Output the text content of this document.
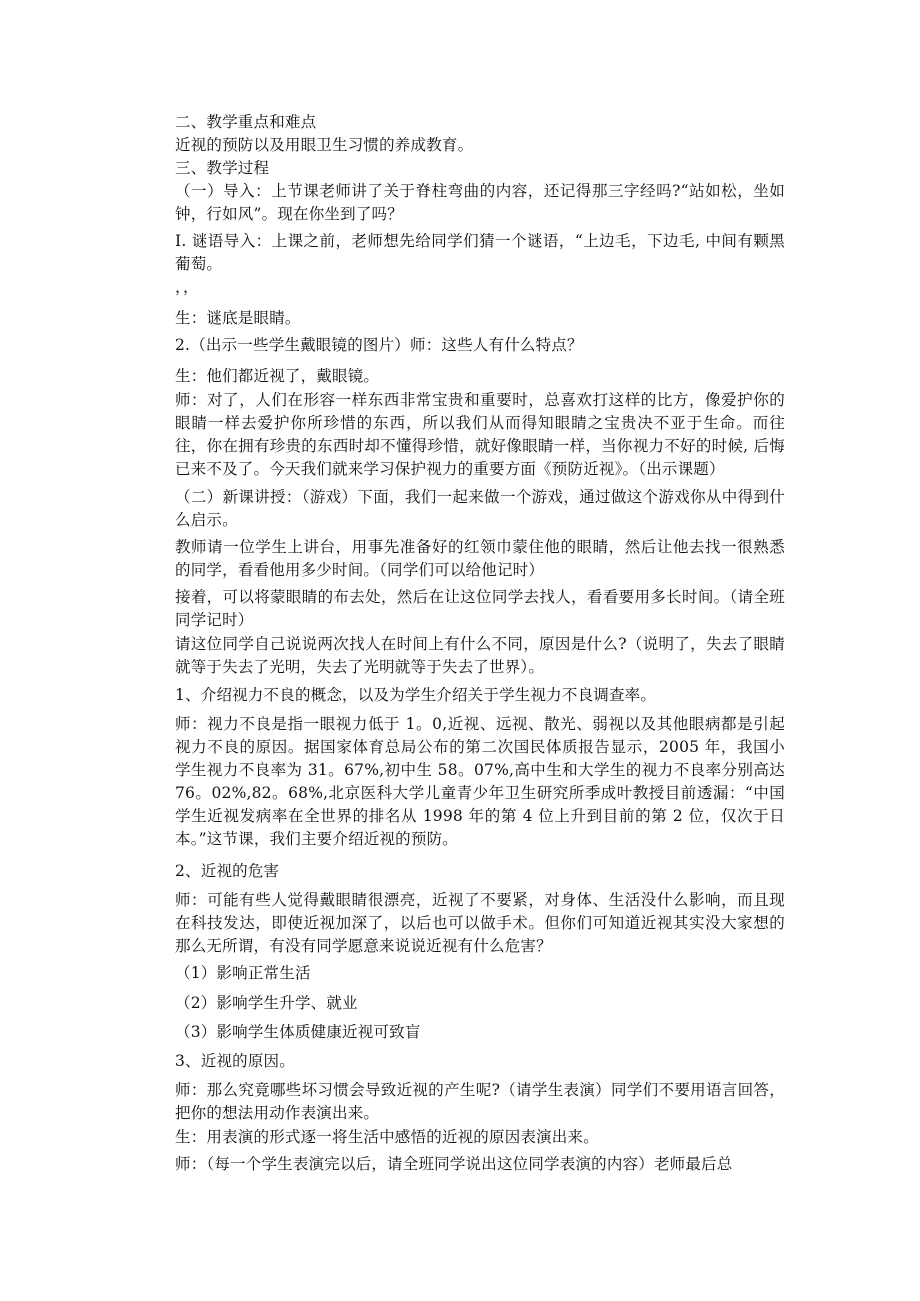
二、教学重点和难点

近视的预防以及用眼卫生习惯的养成教育。

三、教学过程

（一）导入：上节课老师讲了关于脊柱弯曲的内容，还记得那三字经吗?“站如松，坐如钟，行如风”。现在你坐到了吗？

I. 谜语导入：上课之前，老师想先给同学们猜一个谜语，“上边毛，下边毛, 中间有颗黑葡萄。

，，

生：谜底是眼睛。

2.（出示一些学生戴眼镜的图片）师：这些人有什么特点？

生：他们都近视了，戴眼镜。

师：对了，人们在形容一样东西非常宝贵和重要时，总喜欢打这样的比方，像爱护你的眼睛一样去爱护你所珍惜的东西，所以我们从而得知眼睛之宝贵决不亚于生命。而往往，你在拥有珍贵的东西时却不懂得珍惜，就好像眼睛一样，当你视力不好的时候, 后悔已来不及了。今天我们就来学习保护视力的重要方面《预防近视》。（出示课题）

（二）新课讲授：（游戏）下面，我们一起来做一个游戏，通过做这个游戏你从中得到什么启示。

教师请一位学生上讲台，用事先准备好的红领巾蒙住他的眼睛，然后让他去找一很熟悉的同学，看看他用多少时间。（同学们可以给他记时）

接着，可以将蒙眼睛的布去处，然后在让这位同学去找人，看看要用多长时间。（请全班同学记时）

请这位同学自己说说两次找人在时间上有什么不同，原因是什么?（说明了，失去了眼睛就等于失去了光明，失去了光明就等于失去了世界）。

1、介绍视力不良的概念，以及为学生介绍关于学生视力不良调查率。

师：视力不良是指一眼视力低于 1。0,近视、远视、散光、弱视以及其他眼病都是引起视力不良的原因。据国家体育总局公布的第二次国民体质报告显示，2005 年，我国小学生视力不良率为 31。67%,初中生 58。07%,高中生和大学生的视力不良率分别高达 76。02%,82。68%,北京医科大学儿童青少年卫生研究所季成叶教授目前透漏：“中国学生近视发病率在全世界的排名从 1998 年的第 4 位上升到目前的第 2 位，仅次于日本。”这节课，我们主要介绍近视的预防。

2、近视的危害

师：可能有些人觉得戴眼睛很漂亮，近视了不要紧，对身体、生活没什么影响，而且现在科技发达，即使近视加深了，以后也可以做手术。但你们可知道近视其实没大家想的那么无所谓，有没有同学愿意来说说近视有什么危害？

（1）影响正常生活

（2）影响学生升学、就业

（3）影响学生体质健康近视可致盲

3、近视的原因。

师：那么究竟哪些坏习惯会导致近视的产生呢?（请学生表演）同学们不要用语言回答，把你的想法用动作表演出来。

生：用表演的形式逐一将生活中感悟的近视的原因表演出来。

师：（每一个学生表演完以后，请全班同学说出这位同学表演的内容）老师最后总
